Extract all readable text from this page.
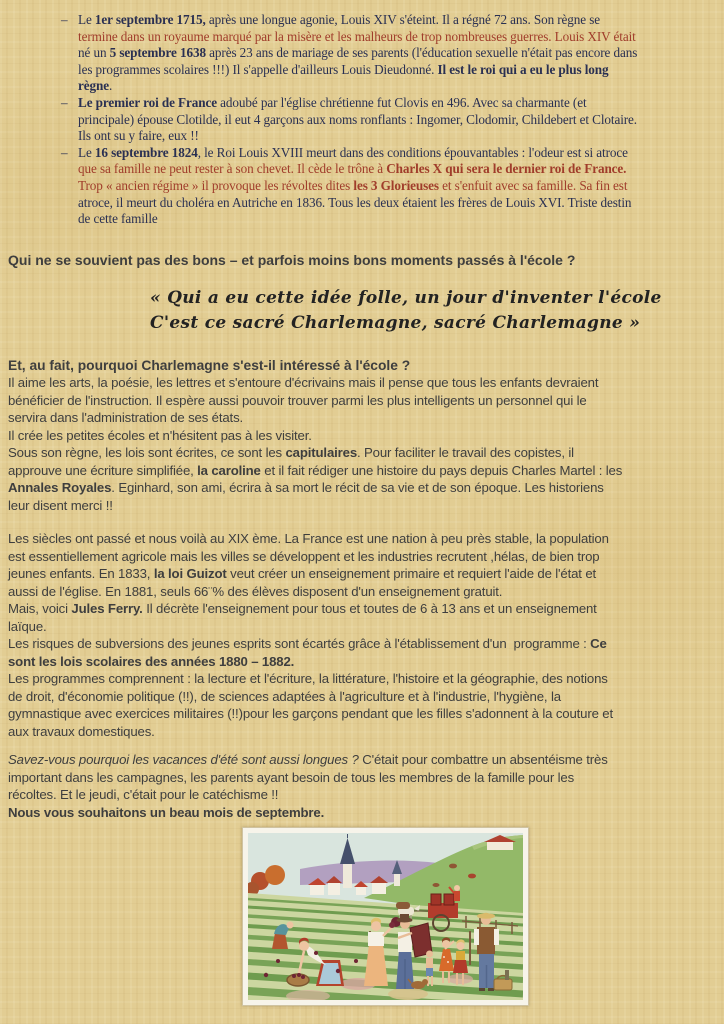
– Le 1er septembre 1715, après une longue agonie, Louis XIV s'éteint. Il a régné 72 ans. Son règne se
termine dans un royaume marqué par la misère et les malheurs de trop nombreuses guerres. Louis XIV était
né un 5 septembre 1638 après 23 ans de mariage de ses parents (l'éducation sexuelle n'était pas encore dans
les programmes scolaires !!!) Il s'appelle d'ailleurs Louis Dieudonné. Il est le roi qui a eu le plus long
règne.
– Le premier roi de France adoubé par l'église chrétienne fut Clovis en 496. Avec sa charmante (et
principale) épouse Clotilde, il eut 4 garçons aux noms ronflants : Ingomer, Clodomir, Childebert et Clotaire.
Ils ont su y faire, eux !!
– Le 16 septembre 1824, le Roi Louis XVIII meurt dans des conditions épouvantables : l'odeur est si atroce
que sa famille ne peut rester à son chevet. Il cède le trône à Charles X qui sera le dernier roi de France.
Trop « ancien régime » il provoque les révoltes dites les 3 Glorieuses et s'enfuit avec sa famille. Sa fin est
atroce, il meurt du choléra en Autriche en 1836. Tous les deux étaient les frères de Louis XVI. Triste destin
de cette famille

Qui ne se souvient pas des bons – et parfois moins bons moments passés à l'école ?

« Qui a eu cette idée folle, un jour d'inventer l'école
C'est ce sacré Charlemagne, sacré Charlemagne »

Et, au fait, pourquoi Charlemagne s'est-il intéressé à l'école ?

Il aime les arts, la poésie, les lettres et s'entoure d'écrivains mais il pense que tous les enfants devraient
bénéficier de l'instruction. Il espère aussi pouvoir trouver parmi les plus intelligents un personnel qui le
servira dans l'administration de ses états.
Il crée les petites écoles et n'hésitent pas à les visiter.
Sous son règne, les lois sont écrites, ce sont les capitulaires. Pour faciliter le travail des copistes, il
approuve une écriture simplifiée, la caroline et il fait rédiger une histoire du pays depuis Charles Martel : les
Annales Royales. Eginhard, son ami, écrira à sa mort le récit de sa vie et de son époque. Les historiens
leur disent merci !!
Les siècles ont passé et nous voilà au XIX ème. La France est une nation à peu près stable, la population
est essentiellement agricole mais les villes se développent et les industries recrutent ,hélas, de bien trop
jeunes enfants. En 1833, la loi Guizot veut créer un enseignement primaire et requiert l'aide de l'état et
aussi de l'église. En 1881, seuls 66¨% des élèves disposent d'un enseignement gratuit.
Mais, voici Jules Ferry. Il décrète l'enseignement pour tous et toutes de 6 à 13 ans et un enseignement
laïque.
Les risques de subversions des jeunes esprits sont écartés grâce à l'établissement d'un  programme : Ce
sont les lois scolaires des années 1880 – 1882.
Les programmes comprennent : la lecture et l'écriture, la littérature, l'histoire et la géographie, des notions
de droit, d'économie politique (!!), de sciences adaptées à l'agriculture et à l'industrie, l'hygiène, la
gymnastique avec exercices militaires (!!)pour les garçons pendant que les filles s'adonnent à la couture et
aux travaux domestiques.
Savez-vous pourquoi les vacances d'été sont aussi longues ? C'était pour combattre un absentéisme très
important dans les campagnes, les parents ayant besoin de tous les membres de la famille pour les
récoltes. Et le jeudi, c'était pour le catéchisme !!
Nous vous souhaitons un beau mois de septembre.
